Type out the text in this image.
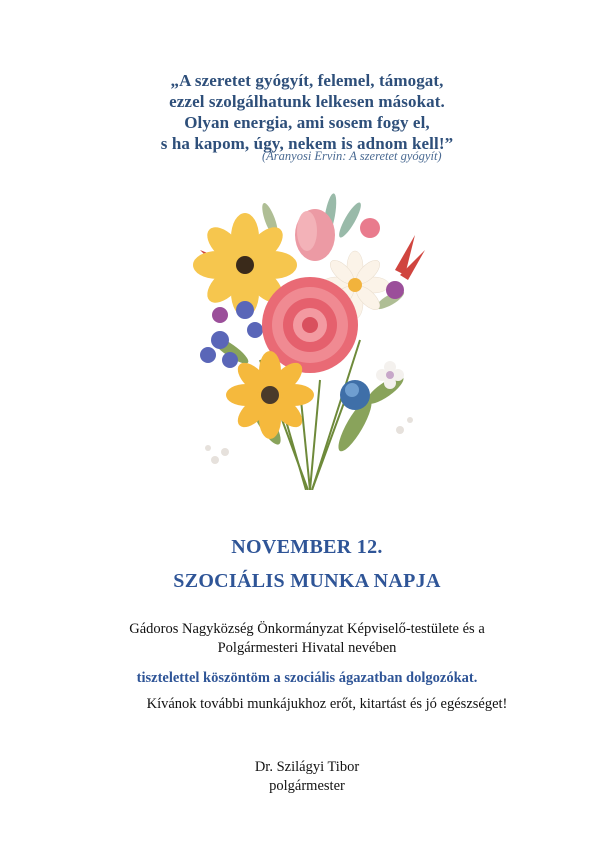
„A szeretet gyógyít, felemel, támogat,
ezzel szolgálhatunk lelkesen másokat.
Olyan energia, ami sosem fogy el,
s ha kapom, úgy, nekem is adnom kell!”
(Aranyosi Ervin: A szeretet gyógyít)
NOVEMBER 12.
SZOCIÁLIS MUNKA NAPJA
Gádoros Nagyközség Önkormányzat Képviselő-testülete és a
Polgármesteri Hivatal nevében
tisztelettel köszöntöm a szociális ágazatban dolgozókat.
Kívánok további munkájukhoz erőt, kitartást és jó egészséget!
Dr. Szilágyi Tibor
polgármester
